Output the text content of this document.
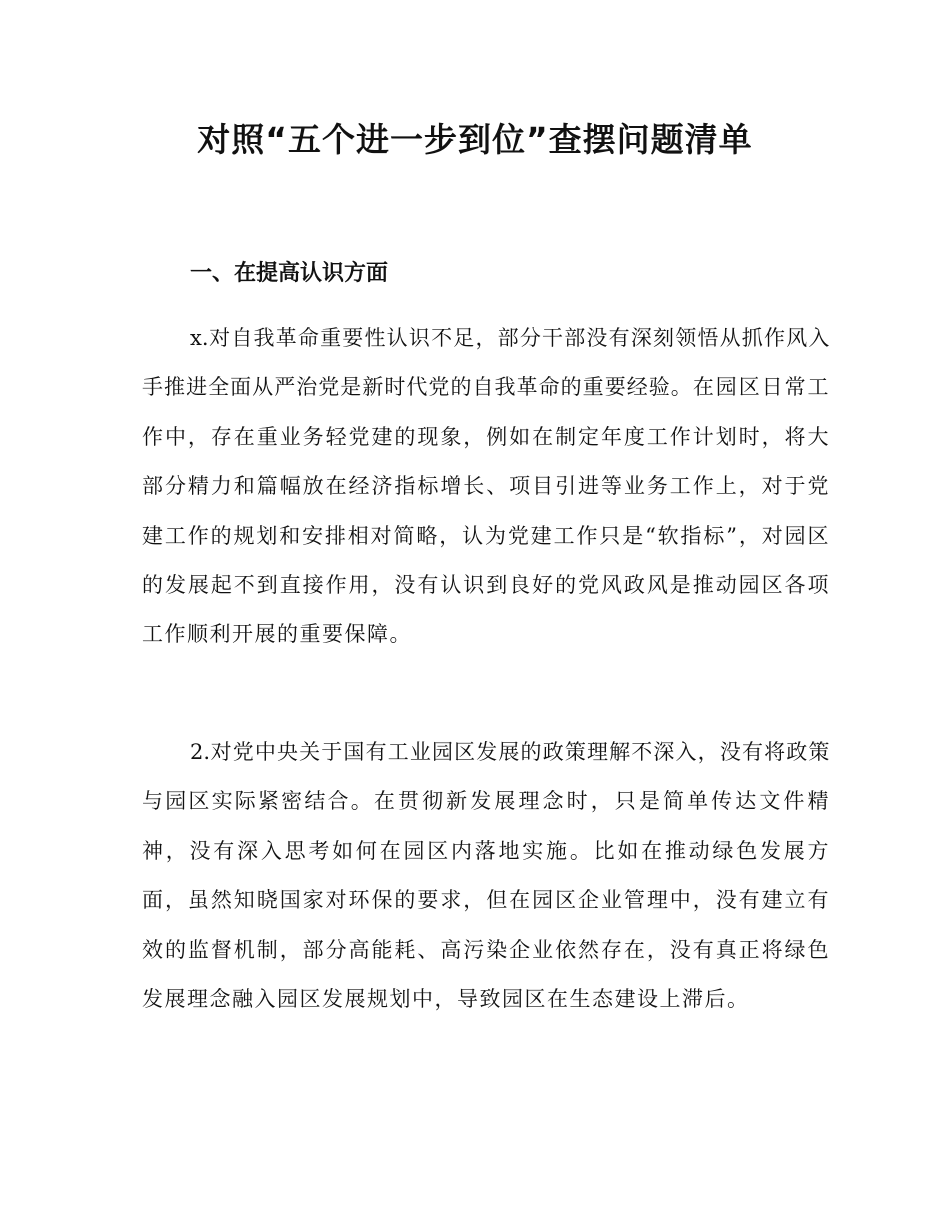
对照“五个进一步到位”查摆问题清单
一、在提高认识方面

x.对自我革命重要性认识不足，部分干部没有深刻领悟从抓作风入手推进全面从严治党是新时代党的自我革命的重要经验。在园区日常工作中，存在重业务轻党建的现象，例如在制定年度工作计划时，将大部分精力和篇幅放在经济指标增长、项目引进等业务工作上，对于党建工作的规划和安排相对简略，认为党建工作只是“软指标”，对园区的发展起不到直接作用，没有认识到良好的党风政风是推动园区各项工作顺利开展的重要保障。

2.对党中央关于国有工业园区发展的政策理解不深入，没有将政策与园区实际紧密结合。在贯彻新发展理念时，只是简单传达文件精神，没有深入思考如何在园区内落地实施。比如在推动绿色发展方面，虽然知晓国家对环保的要求，但在园区企业管理中，没有建立有效的监督机制，部分高能耗、高污染企业依然存在，没有真正将绿色发展理念融入园区发展规划中，导致园区在生态建设上滞后。
